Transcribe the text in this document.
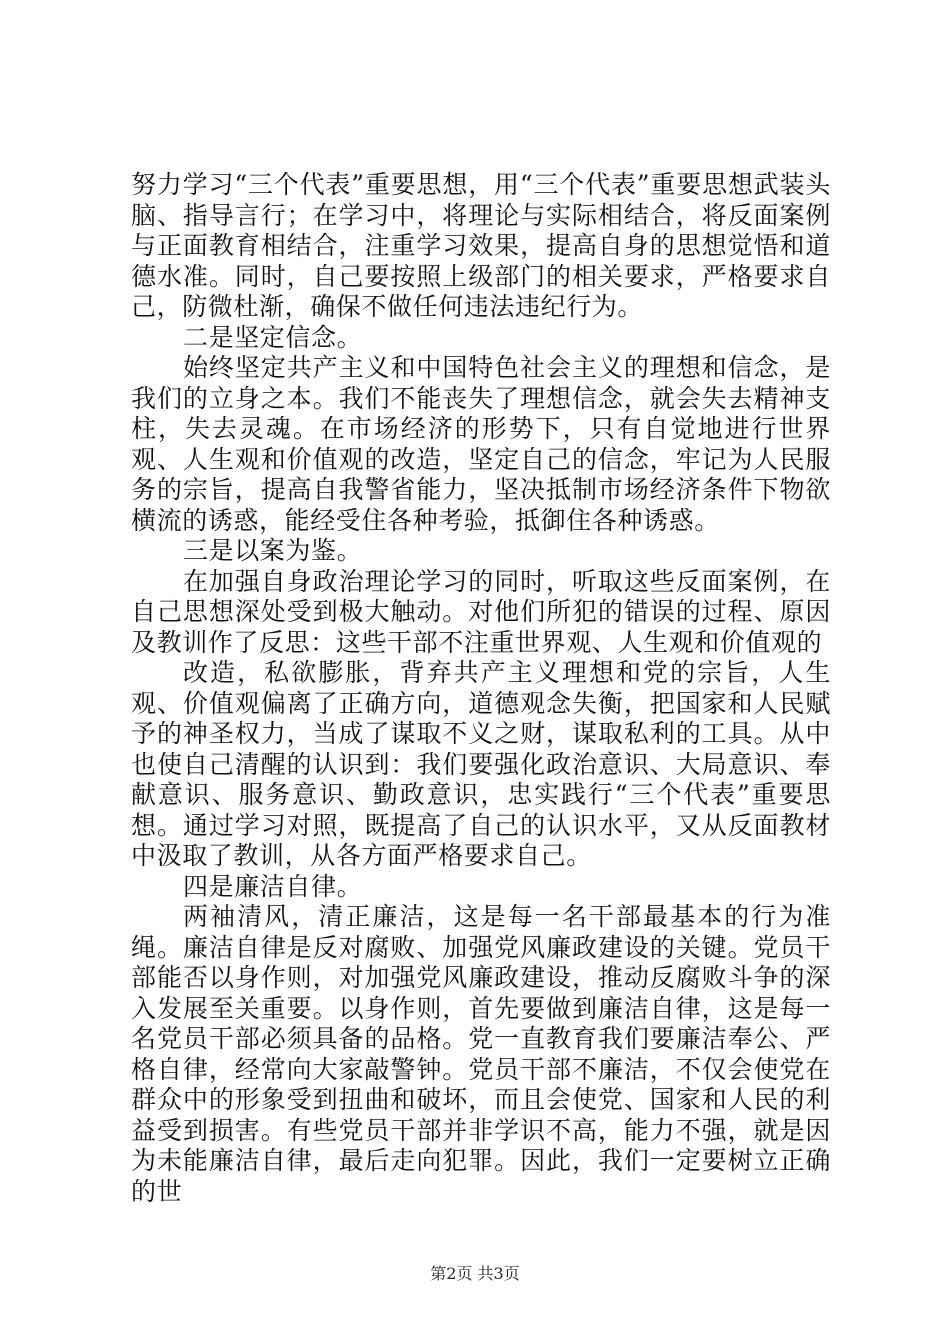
努力学习“三个代表”重要思想，用“三个代表”重要思想武装头脑、指导言行；在学习中，将理论与实际相结合，将反面案例与正面教育相结合，注重学习效果，提高自身的思想觉悟和道德水准。同时，自己要按照上级部门的相关要求，严格要求自己，防微杜渐，确保不做任何违法违纪行为。

二是坚定信念。

始终坚定共产主义和中国特色社会主义的理想和信念，是我们的立身之本。我们不能丧失了理想信念，就会失去精神支柱，失去灵魂。在市场经济的形势下，只有自觉地进行世界观、人生观和价值观的改造，坚定自己的信念，牢记为人民服务的宗旨，提高自我警省能力，坚决抵制市场经济条件下物欲横流的诱惑，能经受住各种考验，抵御住各种诱惑。

三是以案为鉴。

在加强自身政治理论学习的同时，听取这些反面案例，在自己思想深处受到极大触动。对他们所犯的错误的过程、原因及教训作了反思：这些干部不注重世界观、人生观和价值观的

改造，私欲膨胀，背弃共产主义理想和党的宗旨，人生观、价值观偏离了正确方向，道德观念失衡，把国家和人民赋予的神圣权力，当成了谋取不义之财，谋取私利的工具。从中也使自己清醒的认识到：我们要强化政治意识、大局意识、奉献意识、服务意识、勤政意识，忠实践行“三个代表”重要思想。通过学习对照，既提高了自己的认识水平，又从反面教材中汲取了教训，从各方面严格要求自己。

四是廉洁自律。

两袖清风，清正廉洁，这是每一名干部最基本的行为准绳。廉洁自律是反对腐败、加强党风廉政建设的关键。党员干部能否以身作则，对加强党风廉政建设，推动反腐败斗争的深入发展至关重要。以身作则，首先要做到廉洁自律，这是每一名党员干部必须具备的品格。党一直教育我们要廉洁奉公、严格自律，经常向大家敲警钟。党员干部不廉洁，不仅会使党在群众中的形象受到扭曲和破坏，而且会使党、国家和人民的利益受到损害。有些党员干部并非学识不高，能力不强，就是因为未能廉洁自律，最后走向犯罪。因此，我们一定要树立正确的世

第2页 共3页
